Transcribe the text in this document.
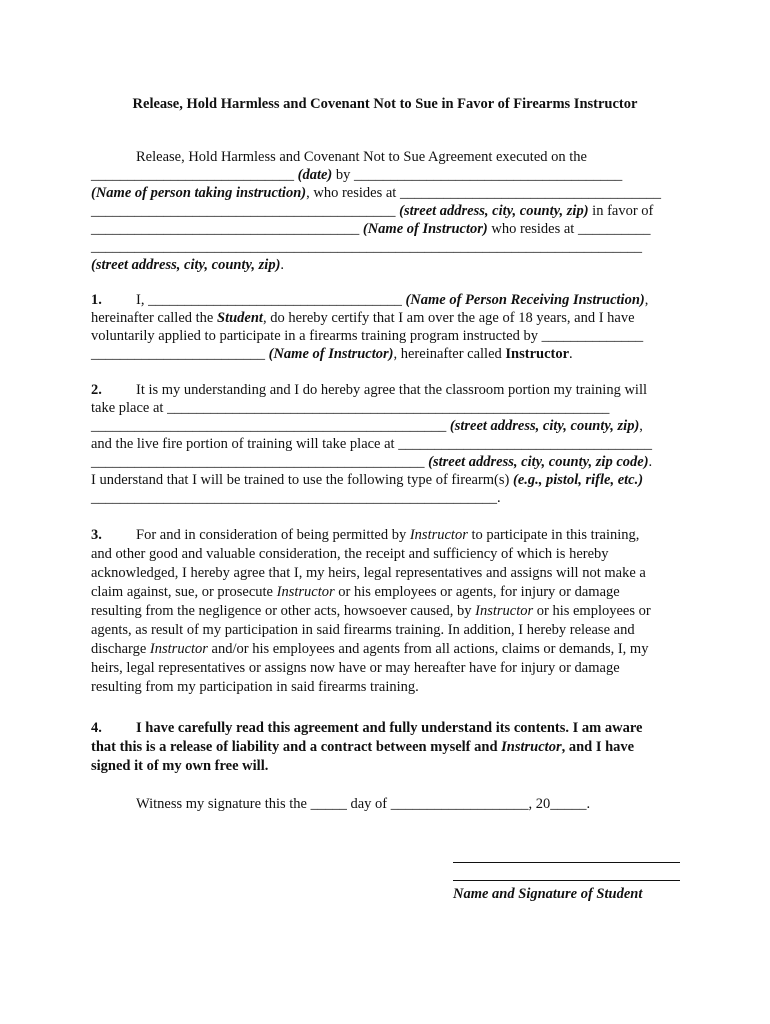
Release, Hold Harmless and Covenant Not to Sue in Favor of Firearms Instructor
Release, Hold Harmless and Covenant Not to Sue Agreement executed on the
____________________________ (date) by _____________________________________
(Name of person taking instruction), who resides at ____________________________________
__________________________________________ (street address, city, county, zip) in favor of
_____________________________________ (Name of Instructor) who resides at __________
____________________________________________________________________________
(street address, city, county, zip).
1. I, ___________________________________ (Name of Person Receiving Instruction),
hereinafter called the Student, do hereby certify that I am over the age of 18 years, and I have
voluntarily applied to participate in a firearms training program instructed by ______________
________________________ (Name of Instructor), hereinafter called Instructor.
2. It is my understanding and I do hereby agree that the classroom portion my training will
take place at _____________________________________________________________
_________________________________________________ (street address, city, county, zip),
and the live fire portion of training will take place at ___________________________________
______________________________________________ (street address, city, county, zip code).
I understand that I will be trained to use the following type of firearm(s) (e.g., pistol, rifle, etc.)
________________________________________________________.
3. For and in consideration of being permitted by Instructor to participate in this training,
and other good and valuable consideration, the receipt and sufficiency of which is hereby
acknowledged, I hereby agree that I, my heirs, legal representatives and assigns will not make a
claim against, sue, or prosecute Instructor or his employees or agents, for injury or damage
resulting from the negligence or other acts, howsoever caused, by Instructor or his employees or
agents, as result of my participation in said firearms training. In addition, I hereby release and
discharge Instructor and/or his employees and agents from all actions, claims or demands, I, my
heirs, legal representatives or assigns now have or may hereafter have for injury or damage
resulting from my participation in said firearms training.
4. I have carefully read this agreement and fully understand its contents. I am aware
that this is a release of liability and a contract between myself and Instructor, and I have
signed it of my own free will.
Witness my signature this the _____ day of ___________________, 20_____.
Name and Signature of Student
